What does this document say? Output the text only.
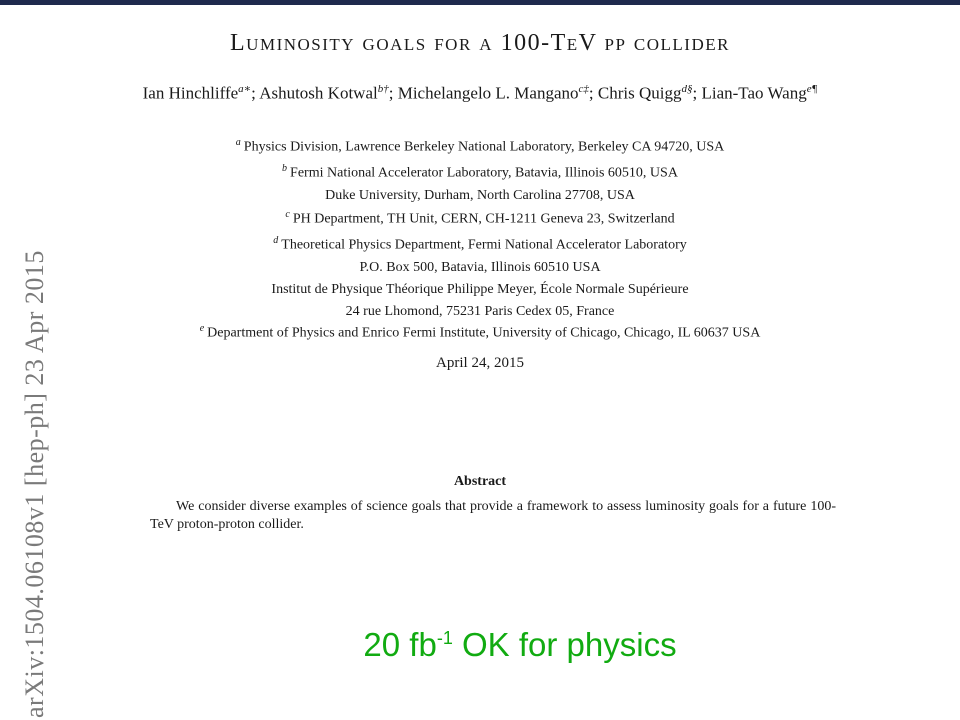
arXiv:1504.06108v1 [hep-ph] 23 Apr 2015
Luminosity goals for a 100-TeV pp collider
Ian Hinchliffe$^{a∗}$; Ashutosh Kotwal$^{b\dagger}$; Michelangelo L. Mangano$^{c\ddagger}$; Chris Quigg$^{d\S}$; Lian-Tao Wang$^{e\P}$
$^a$ Physics Division, Lawrence Berkeley National Laboratory, Berkeley CA 94720, USA
$^b$ Fermi National Accelerator Laboratory, Batavia, Illinois 60510, USA
Duke University, Durham, North Carolina 27708, USA
$^c$ PH Department, TH Unit, CERN, CH-1211 Geneva 23, Switzerland
$^d$ Theoretical Physics Department, Fermi National Accelerator Laboratory
P.O. Box 500, Batavia, Illinois 60510 USA
Institut de Physique Théorique Philippe Meyer, École Normale Supérieure
24 rue Lhomond, 75231 Paris Cedex 05, France
$^e$ Department of Physics and Enrico Fermi Institute, University of Chicago, Chicago, IL 60637 USA
April 24, 2015
Abstract
We consider diverse examples of science goals that provide a framework to assess luminosity goals for a future 100-TeV proton-proton collider.
20 $fb^{-1}$ OK for physics
